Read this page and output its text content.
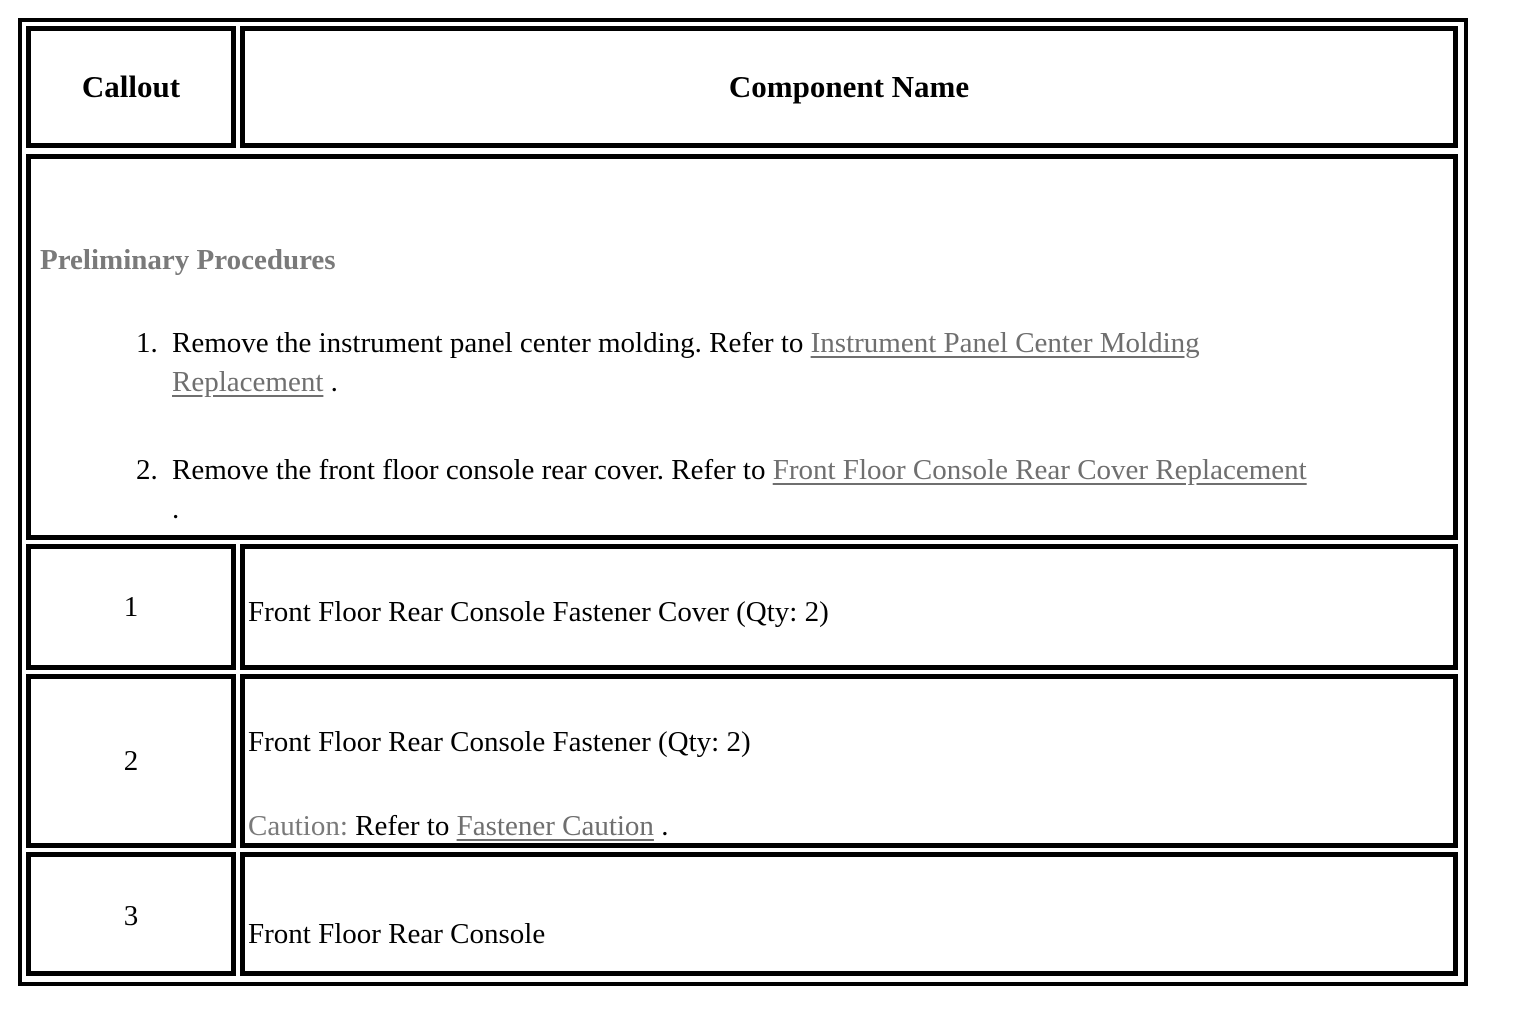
Callout	Component Name
Preliminary Procedures
1. Remove the instrument panel center molding. Refer to Instrument Panel Center Molding Replacement .
2. Remove the front floor console rear cover. Refer to Front Floor Console Rear Cover Replacement .
1	Front Floor Rear Console Fastener Cover (Qty: 2)
2
Front Floor Rear Console Fastener (Qty: 2)
Caution: Refer to Fastener Caution .
3
Front Floor Rear Console
